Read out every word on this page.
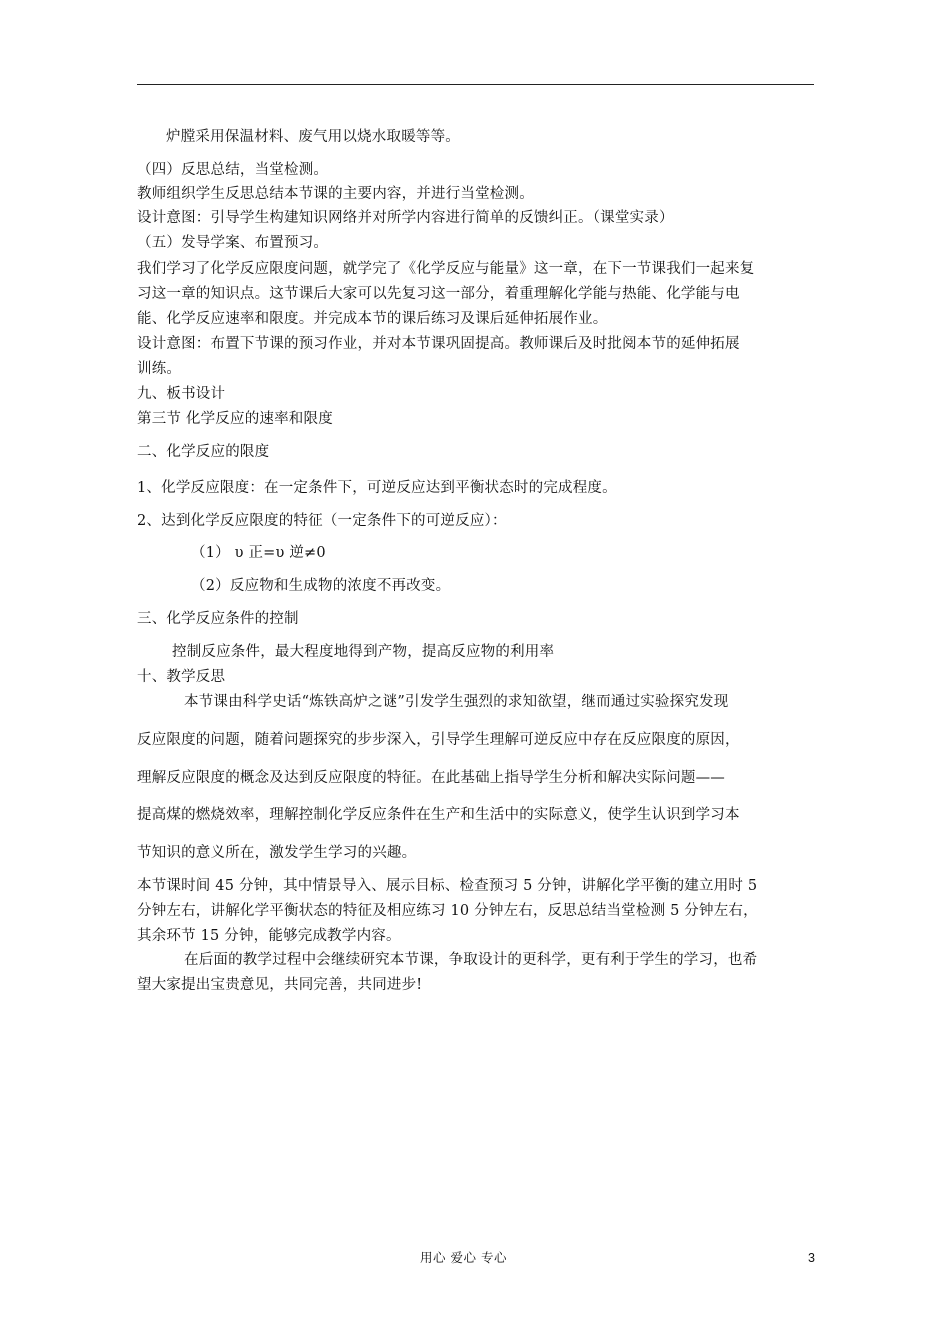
炉膛采用保温材料、废气用以烧水取暖等等。
（四）反思总结，当堂检测。
教师组织学生反思总结本节课的主要内容，并进行当堂检测。
设计意图：引导学生构建知识网络并对所学内容进行简单的反馈纠正。（课堂实录）
（五）发导学案、布置预习。
我们学习了化学反应限度问题，就学完了《化学反应与能量》这一章，在下一节课我们一起来复
习这一章的知识点。这节课后大家可以先复习这一部分，着重理解化学能与热能、化学能与电
能、化学反应速率和限度。并完成本节的课后练习及课后延伸拓展作业。
设计意图：布置下节课的预习作业，并对本节课巩固提高。教师课后及时批阅本节的延伸拓展
训练。
九、板书设计
第三节 化学反应的速率和限度
二、化学反应的限度
1、化学反应限度：在一定条件下，可逆反应达到平衡状态时的完成程度。
2、达到化学反应限度的特征（一定条件下的可逆反应）：
（1） υ 正=υ 逆≠0
（2）反应物和生成物的浓度不再改变。
三、化学反应条件的控制
控制反应条件，最大程度地得到产物，提高反应物的利用率
十、教学反思
本节课由科学史话“炼铁高炉之谜”引发学生强烈的求知欲望，继而通过实验探究发现
反应限度的问题，随着问题探究的步步深入，引导学生理解可逆反应中存在反应限度的原因，
理解反应限度的概念及达到反应限度的特征。在此基础上指导学生分析和解决实际问题——
提高煤的燃烧效率，理解控制化学反应条件在生产和生活中的实际意义，使学生认识到学习本
节知识的意义所在，激发学生学习的兴趣。
本节课时间 45 分钟，其中情景导入、展示目标、检查预习 5 分钟，讲解化学平衡的建立用时 5
分钟左右，讲解化学平衡状态的特征及相应练习 10 分钟左右，反思总结当堂检测 5 分钟左右，
其余环节 15 分钟，能够完成教学内容。
在后面的教学过程中会继续研究本节课，争取设计的更科学，更有利于学生的学习，也希
望大家提出宝贵意见，共同完善，共同进步!
用心 爱心 专心	3
